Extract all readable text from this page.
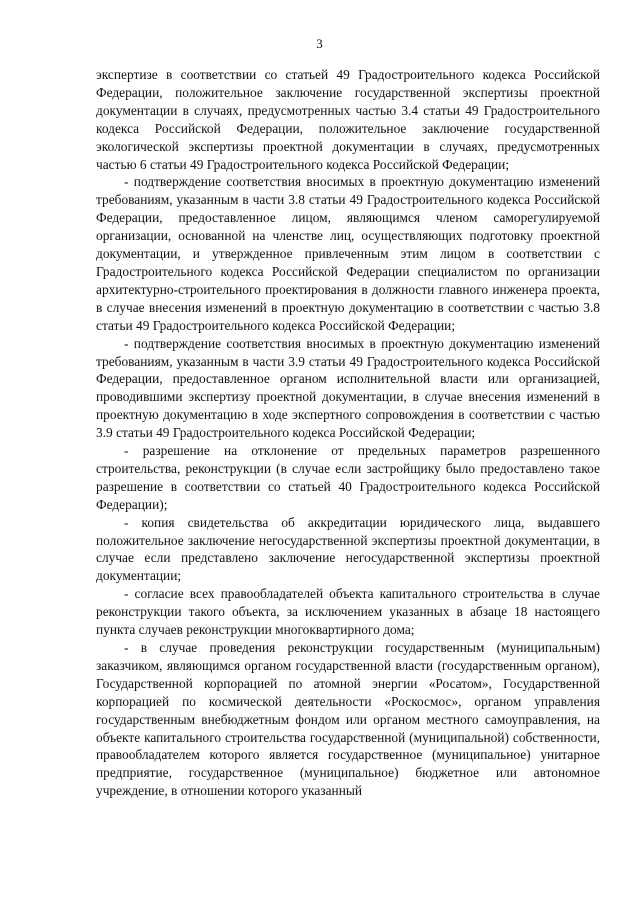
3

экспертизе в соответствии со статьей 49 Градостроительного кодекса Российской Федерации, положительное заключение государственной экспертизы проектной документации в случаях, предусмотренных частью 3.4 статьи 49 Градостроительного кодекса Российской Федерации, положительное заключение государственной экологической экспертизы проектной документации в случаях, предусмотренных частью 6 статьи 49 Градостроительного кодекса Российской Федерации;

- подтверждение соответствия вносимых в проектную документацию изменений требованиям, указанным в части 3.8 статьи 49 Градостроительного кодекса Российской Федерации, предоставленное лицом, являющимся членом саморегулируемой организации, основанной на членстве лиц, осуществляющих подготовку проектной документации, и утвержденное привлеченным этим лицом в соответствии с Градостроительного кодекса Российской Федерации специалистом по организации архитектурно-строительного проектирования в должности главного инженера проекта, в случае внесения изменений в проектную документацию в соответствии с частью 3.8 статьи 49 Градостроительного кодекса Российской Федерации;

- подтверждение соответствия вносимых в проектную документацию изменений требованиям, указанным в части 3.9 статьи 49 Градостроительного кодекса Российской Федерации, предоставленное органом исполнительной власти или организацией, проводившими экспертизу проектной документации, в случае внесения изменений в проектную документацию в ходе экспертного сопровождения в соответствии с частью 3.9 статьи 49 Градостроительного кодекса Российской Федерации;

- разрешение на отклонение от предельных параметров разрешенного строительства, реконструкции (в случае если застройщику было предоставлено такое разрешение в соответствии со статьей 40 Градостроительного кодекса Российской Федерации);

- копия свидетельства об аккредитации юридического лица, выдавшего положительное заключение негосударственной экспертизы проектной документации, в случае если представлено заключение негосударственной экспертизы проектной документации;

- согласие всех правообладателей объекта капитального строительства в случае реконструкции такого объекта, за исключением указанных в абзаце 18 настоящего пункта случаев реконструкции многоквартирного дома;

- в случае проведения реконструкции государственным (муниципальным) заказчиком, являющимся органом государственной власти (государственным органом), Государственной корпорацией по атомной энергии «Росатом», Государственной корпорацией по космической деятельности «Роскосмос», органом управления государственным внебюджетным фондом или органом местного самоуправления, на объекте капитального строительства государственной (муниципальной) собственности, правообладателем которого является государственное (муниципальное) унитарное предприятие, государственное (муниципальное) бюджетное или автономное учреждение, в отношении которого указанный
